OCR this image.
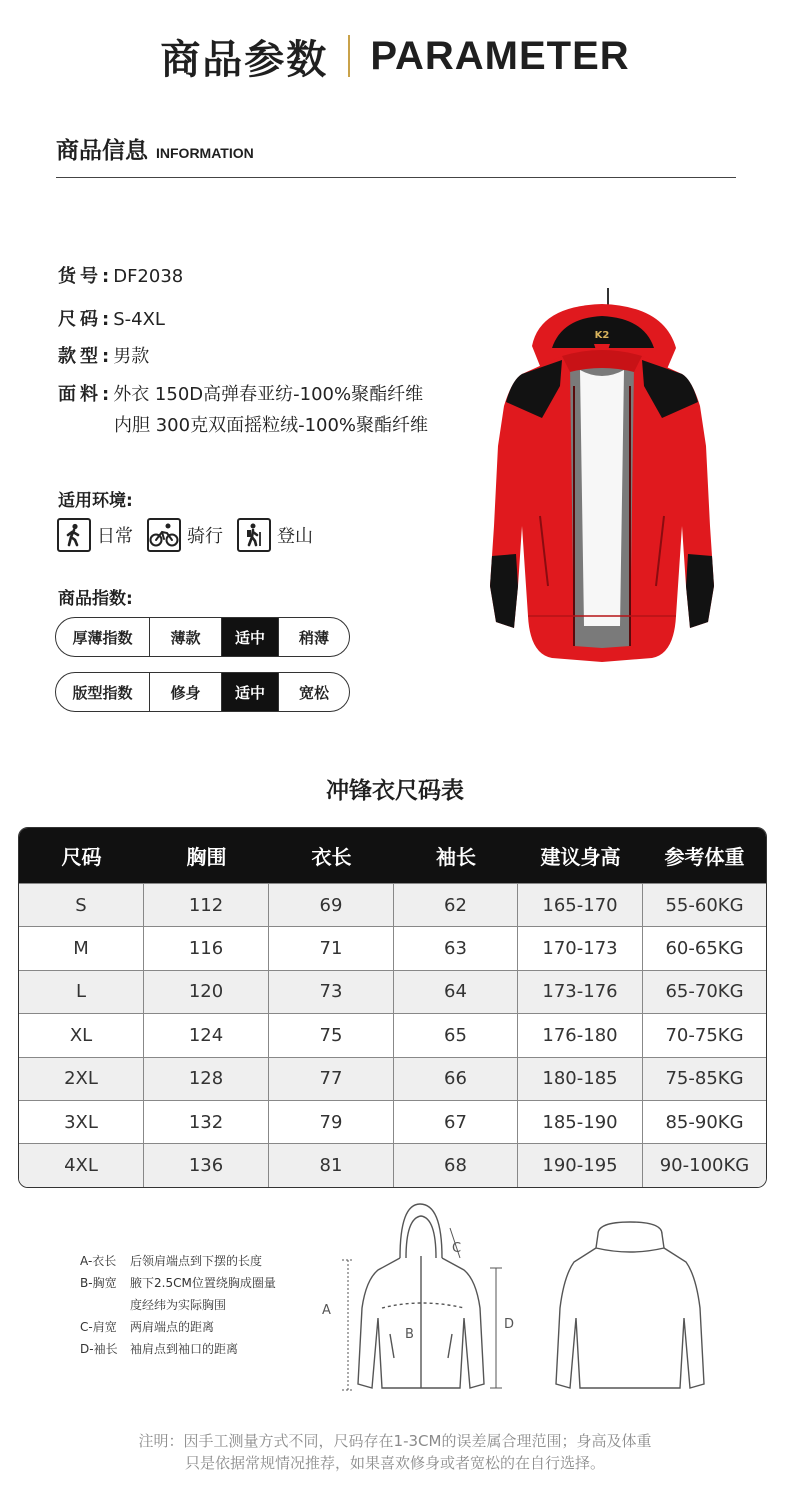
商品参数 PARAMETER
商品信息 INFORMATION
货号:DF2038
尺码:S-4XL
款型:男款
面料:外衣 150D高弹春亚纺-100%聚酯纤维
内胆 300克双面摇粒绒-100%聚酯纤维
适用环境:
日常	骑行	登山
商品指数:
厚薄指数	薄款	适中	稍薄
版型指数	修身	适中	宽松
K2
冲锋衣尺码表
尺码	胸围	衣长	袖长	建议身高	参考体重
S	112	69	62	165-170	55-60KG
M	116	71	63	170-173	60-65KG
L	120	73	64	173-176	65-70KG
XL	124	75	65	176-180	70-75KG
2XL	128	77	66	180-185	75-85KG
3XL	132	79	67	185-190	85-90KG
4XL	136	81	68	190-195	90-100KG
A-衣长 后领肩端点到下摆的长度
B-胸宽 腋下2.5CM位置绕胸成圈量
度经纬为实际胸围
C-肩宽 两肩端点的距离
D-袖长 袖肩点到袖口的距离
A
B
C
D
注明：因手工测量方式不同，尺码存在1-3CM的误差属合理范围；身高及体重
只是依据常规情况推荐，如果喜欢修身或者宽松的在自行选择。
